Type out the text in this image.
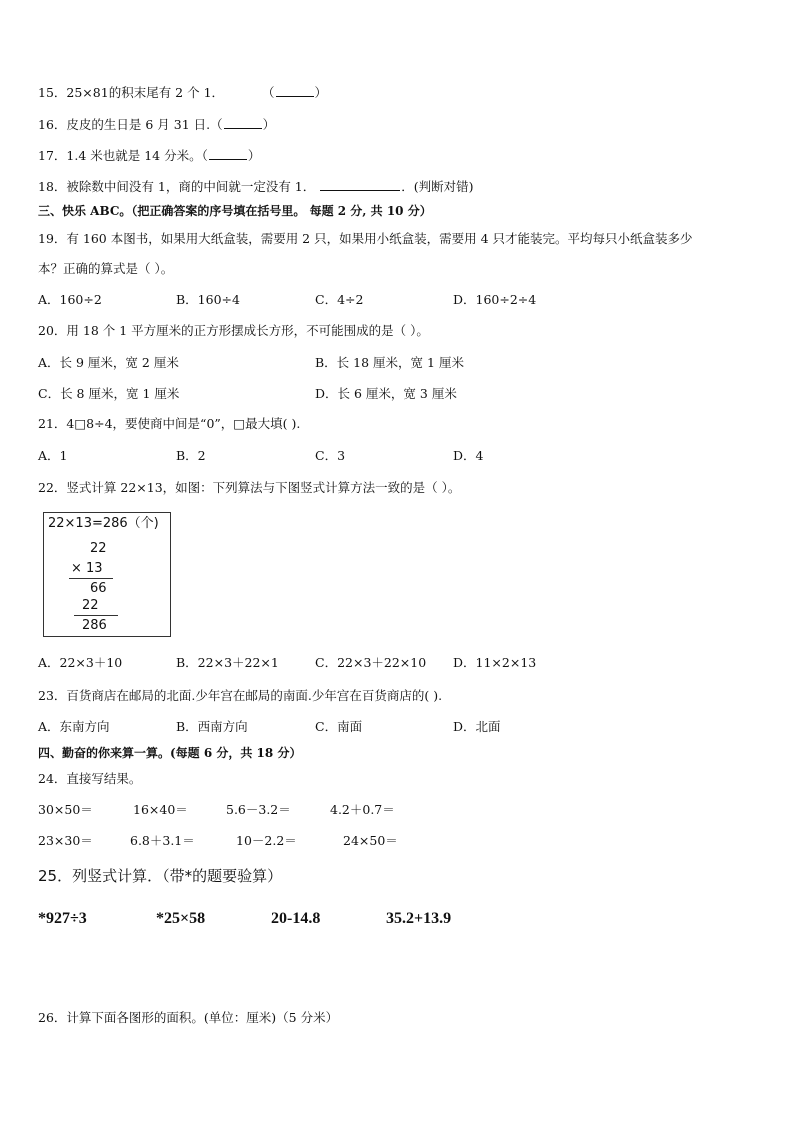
15．25×81的积末尾有 2 个 1．	（	）
16．皮皮的生日是 6 月 31 日.（	）
17．1.4 米也就是 14 分米。（	）
18．被除数中间没有 1，商的中间就一定没有 1．	．(判断对错)
三、快乐 ABC。（把正确答案的序号填在括号里。 每题 2 分, 共 10 分）
19．有 160 本图书，如果用大纸盒装，需要用 2 只，如果用小纸盒装，需要用 4 只才能装完。平均每只小纸盒装多少
本？正确的算式是（ ）。
A．160÷2	B．160÷4	C．4÷2	D．160÷2÷4
20．用 18 个 1 平方厘米的正方形摆成长方形，不可能围成的是（ ）。
A．长 9 厘米，宽 2 厘米	B．长 18 厘米，宽 1 厘米
C．长 8 厘米，宽 1 厘米	D．长 6 厘米，宽 3 厘米
21．4□8÷4，要使商中间是“0”，□最大填( ).
A．1	B．2	C．3	D．4
22．竖式计算 22×13，如图：下列算法与下图竖式计算方法一致的是（ ）。
22×13=286（个)
22
× 13
66
22
286
A．22×3＋10	B．22×3＋22×1	C．22×3＋22×10 D．11×2×13
23．百货商店在邮局的北面.少年宫在邮局的南面.少年宫在百货商店的( ).
A．东南方向	B．西南方向	C．南面	D．北面
四、勤奋的你来算一算。(每题 6 分，共 18 分）
24．直接写结果。
30×50＝	16×40＝	5.6－3.2＝	4.2＋0.7＝
23×30＝	6.8＋3.1＝	10－2.2＝	24×50＝
25．列竖式计算．（带*的题要验算）
*927÷3	*25×58	20-14.8	35.2+13.9
26．计算下面各图形的面积。(单位：厘米)（5 分米）
